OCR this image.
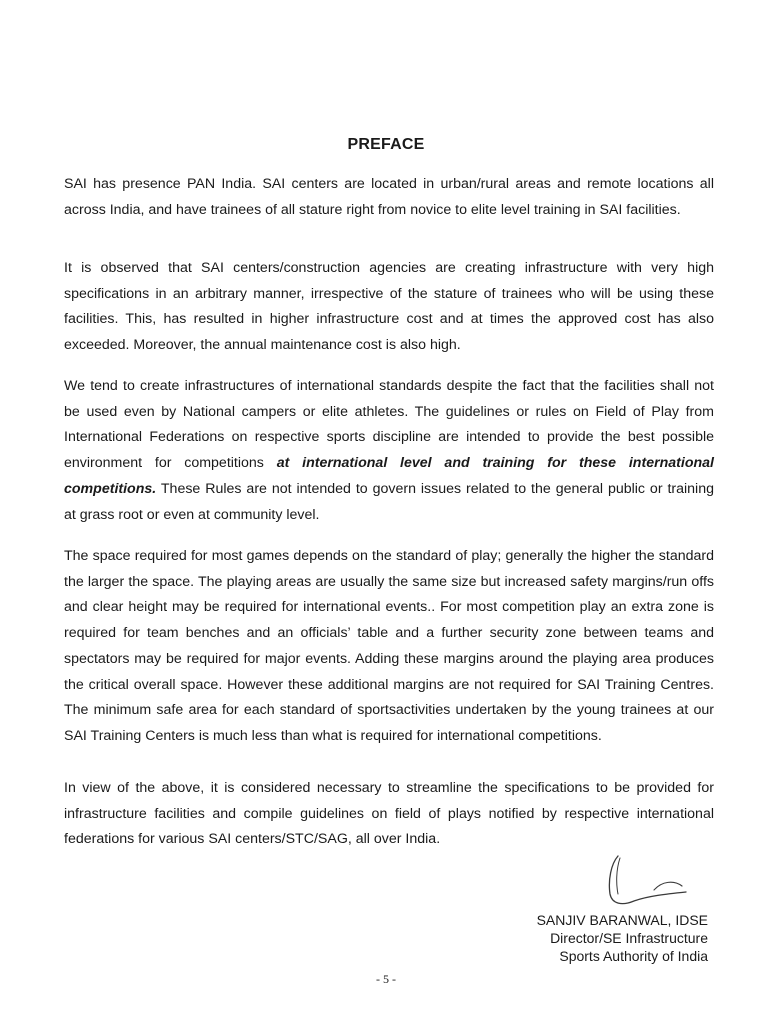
PREFACE

SAI has presence PAN India. SAI centers are located in urban/rural areas and remote locations all across India, and have trainees of all stature right from novice to elite level training in SAI facilities.

It is observed that SAI centers/construction agencies are creating infrastructure with very high specifications in an arbitrary manner, irrespective of the stature of trainees who will be using these facilities. This, has resulted in higher infrastructure cost and at times the approved cost has also exceeded. Moreover, the annual maintenance cost is also high.

We tend to create infrastructures of international standards despite the fact that the facilities shall not be used even by National campers or elite athletes. The guidelines or rules on Field of Play from International Federations on respective sports discipline are intended to provide the best possible environment for competitions at international level and training for these international competitions. These Rules are not intended to govern issues related to the general public or training at grass root or even at community level.

The space required for most games depends on the standard of play; generally the higher the standard the larger the space. The playing areas are usually the same size but increased safety margins/run offs and clear height may be required for international events.. For most competition play an extra zone is required for team benches and an officials’ table and a further security zone between teams and spectators may be required for major events. Adding these margins around the playing area produces the critical overall space. However these additional margins are not required for SAI Training Centres. The minimum safe area for each standard of sportsactivities undertaken by the young trainees at our SAI Training Centers is much less than what is required for international competitions.

In view of the above, it is considered necessary to streamline the specifications to be provided for infrastructure facilities and compile guidelines on field of plays notified by respective international federations for various SAI centers/STC/SAG, all over India.

SANJIV BARANWAL, IDSE
Director/SE Infrastructure
Sports Authority of India
- 5 -
